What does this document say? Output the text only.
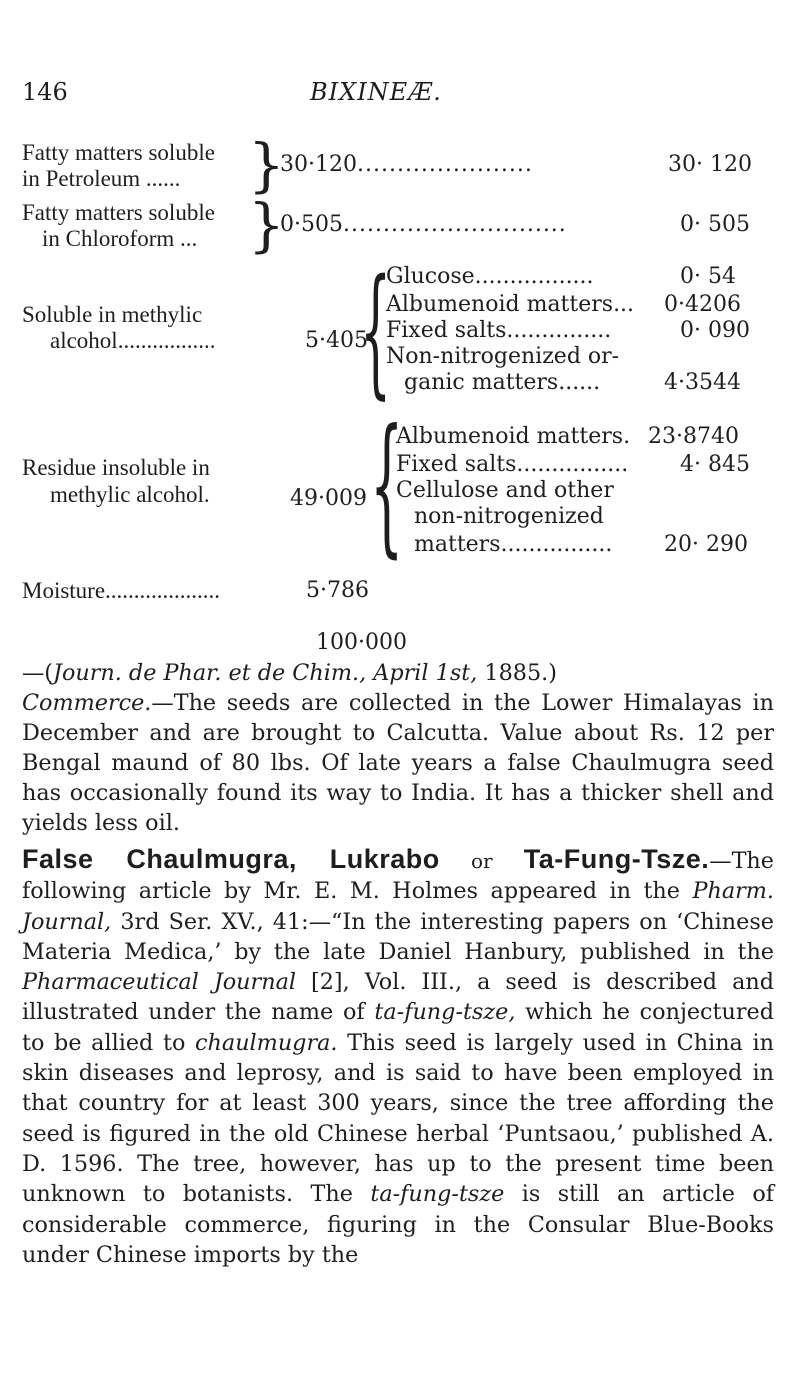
146	BIXINEÆ.
Fatty matters soluble
in Petroleum ...... }
30·120......................	30· 120
Fatty matters soluble
in Chloroform ... }
0·505............................	0· 505
Soluble in methylic
alcohol.................	5·405
{
Glucose.................	0· 54
Albumenoid matters... 0·4206
Fixed salts...............	0· 090
Non-nitrogenized or-
ganic matters......	4·3544
Residue insoluble in
methylic alcohol.	49·009 {
Albumenoid matters. 23·8740
Fixed salts................ 4· 845
Cellulose and other
non-nitrogenized
matters................ 20· 290
Moisture....................	5·786
100·000

—(Journ. de Phar. et de Chim., April 1st, 1885.)

Commerce.—The seeds are collected in the Lower Himalayas in December and are brought to Calcutta. Value about Rs. 12 per Bengal maund of 80 lbs. Of late years a false Chaulmugra seed has occasionally found its way to India. It has a thicker shell and yields less oil.

False Chaulmugra, Lukrabo or Ta-Fung-Tsze.—The following article by Mr. E. M. Holmes appeared in the Pharm. Journal, 3rd Ser. XV., 41:—“In the interesting papers on ‘Chinese Materia Medica,’ by the late Daniel Hanbury, published in the Pharmaceutical Journal [2], Vol. III., a seed is described and illustrated under the name of ta-fung-tsze, which he conjectured to be allied to chaulmugra. This seed is largely used in China in skin diseases and leprosy, and is said to have been employed in that country for at least 300 years, since the tree affording the seed is figured in the old Chinese herbal ‘Puntsaou,’ published A. D. 1596. The tree, however, has up to the present time been unknown to botanists. The ta-fung-tsze is still an article of considerable commerce, figuring in the Consular Blue-Books under Chinese imports by the
